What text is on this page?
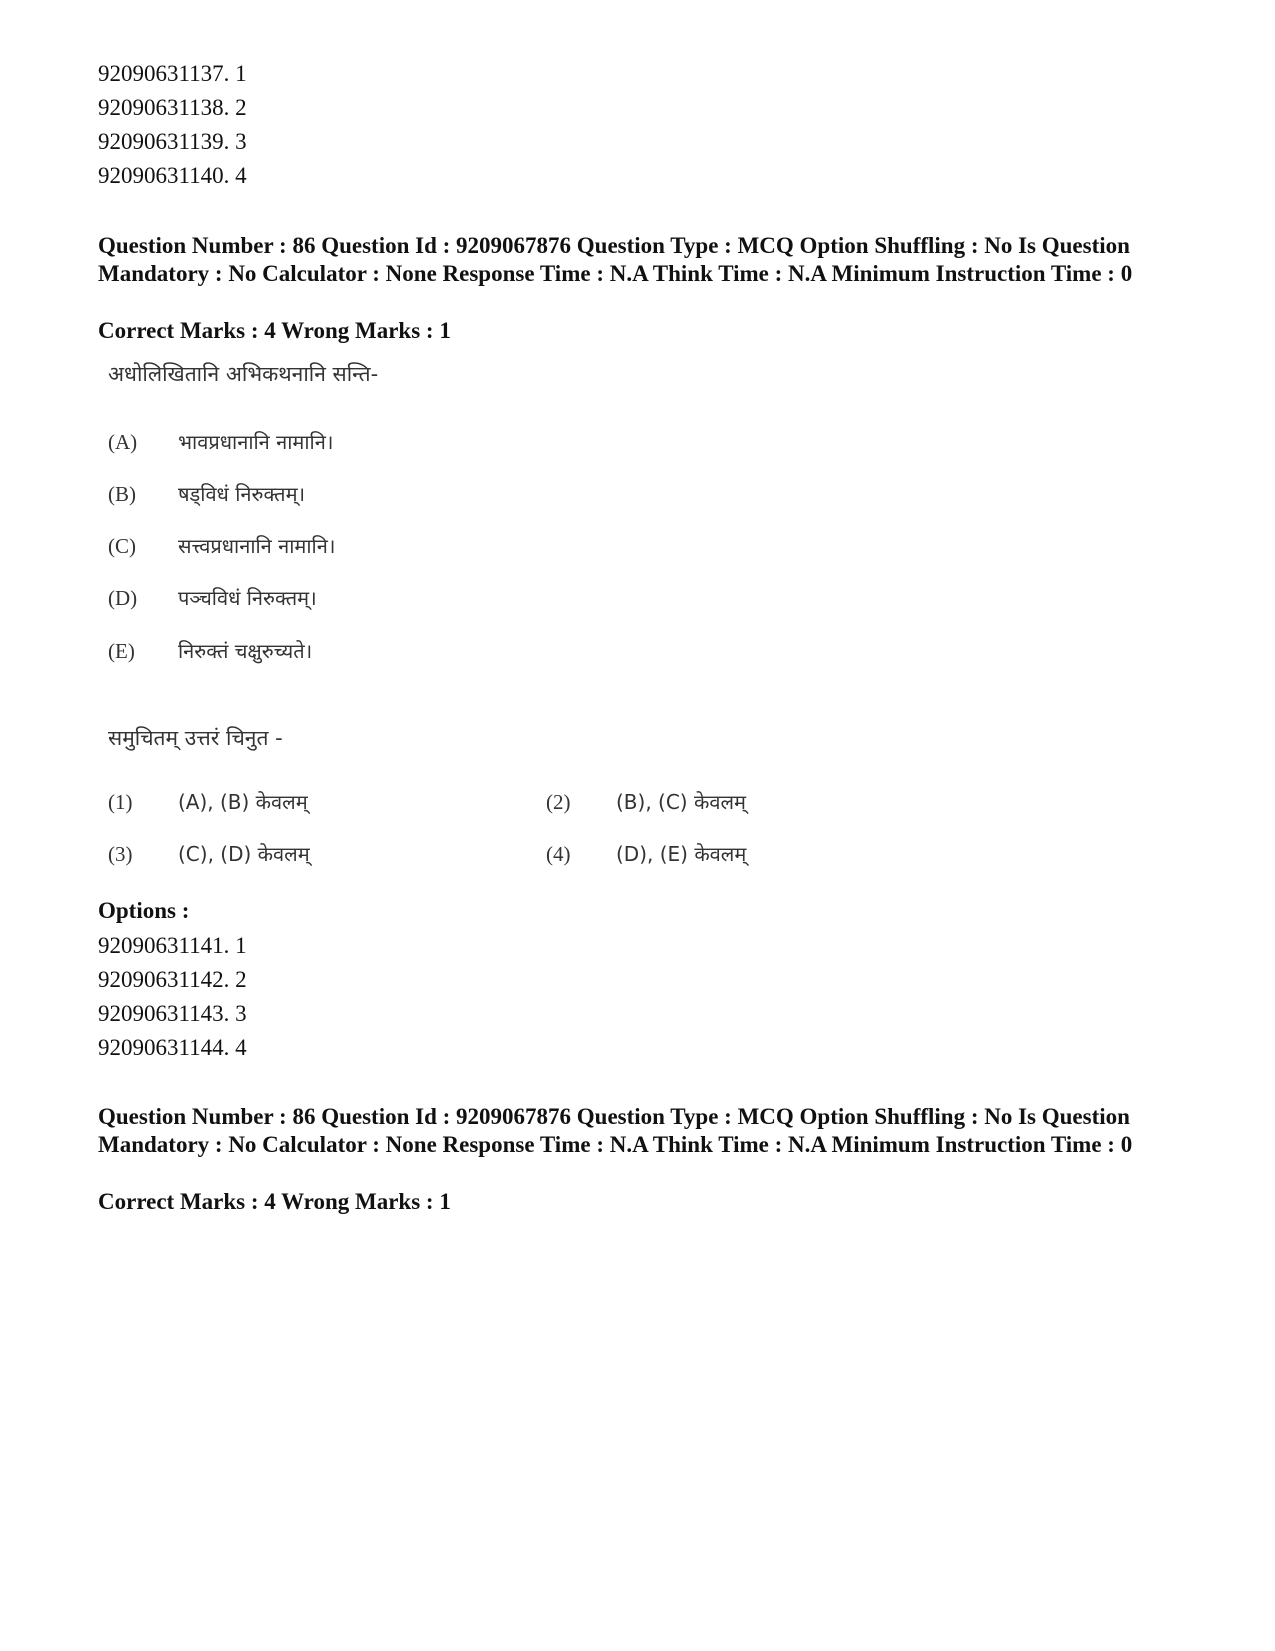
92090631137. 1
92090631138. 2
92090631139. 3
92090631140. 4
Question Number : 86 Question Id : 9209067876 Question Type : MCQ Option Shuffling : No Is Question Mandatory : No Calculator : None Response Time : N.A Think Time : N.A Minimum Instruction Time : 0
Correct Marks : 4 Wrong Marks : 1
अधोलिखितानि अभिकथनानि सन्ति-
(A) भावप्रधानानि नामानि।
(B) षड्विधं निरुक्तम्।
(C) सत्त्वप्रधानानि नामानि।
(D) पञ्चविधं निरुक्तम्।
(E) निरुक्तं चक्षुरुच्यते।
समुचितम् उत्तरं चिनुत -
(1) (A), (B) केवलम्	(2) (B), (C) केवलम्
(3) (C), (D) केवलम्	(4) (D), (E) केवलम्
Options :
92090631141. 1
92090631142. 2
92090631143. 3
92090631144. 4
Question Number : 86 Question Id : 9209067876 Question Type : MCQ Option Shuffling : No Is Question Mandatory : No Calculator : None Response Time : N.A Think Time : N.A Minimum Instruction Time : 0
Correct Marks : 4 Wrong Marks : 1
